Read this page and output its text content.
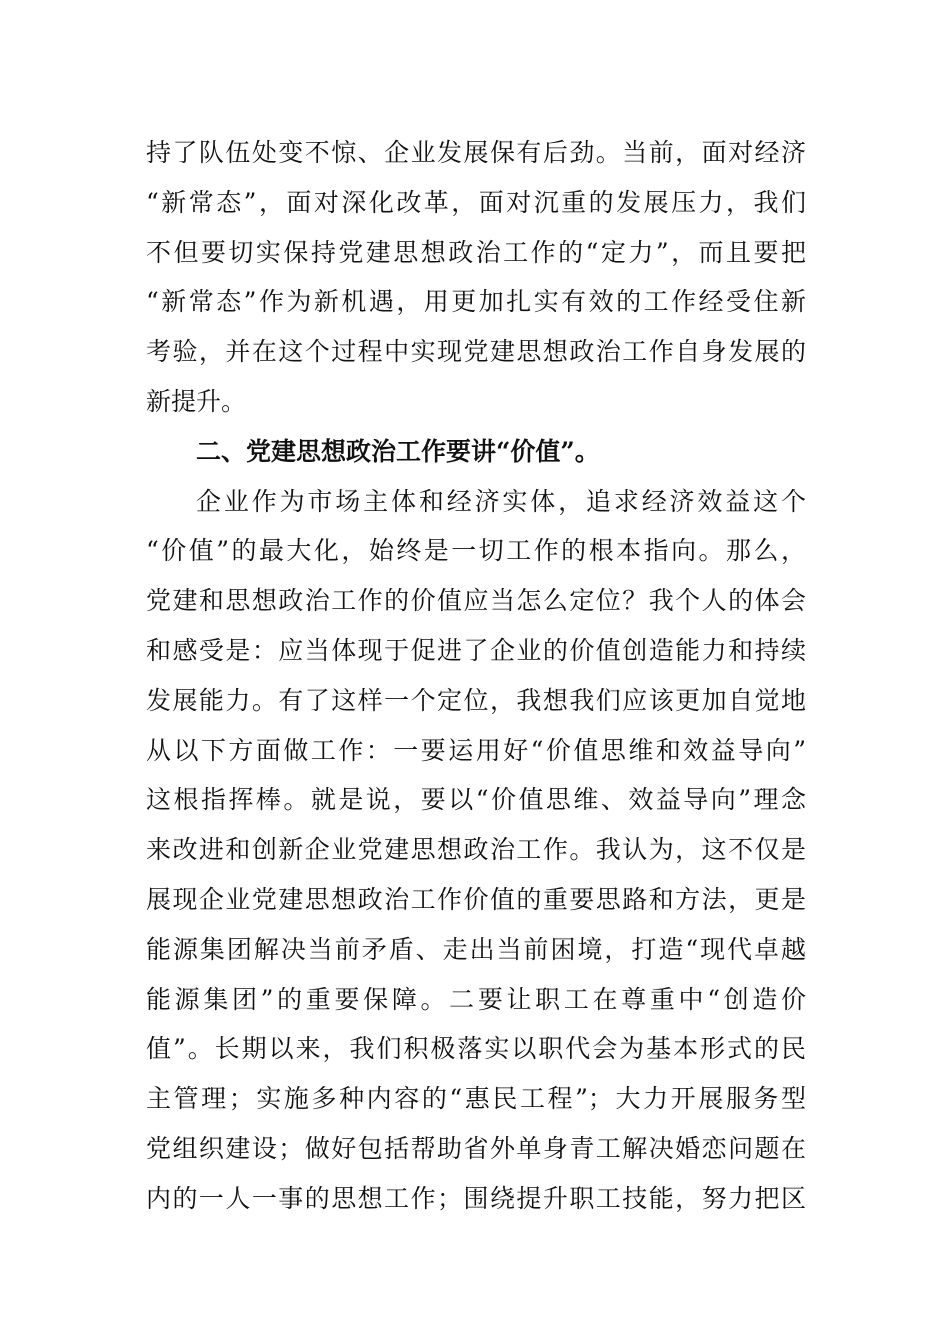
持了队伍处变不惊、企业发展保有后劲。当前，面对经济
“新常态”，面对深化改革，面对沉重的发展压力，我们
不但要切实保持党建思想政治工作的“定力”，而且要把
“新常态”作为新机遇，用更加扎实有效的工作经受住新
考验，并在这个过程中实现党建思想政治工作自身发展的
新提升。
二、党建思想政治工作要讲“价值”。
企业作为市场主体和经济实体，追求经济效益这个
“价值”的最大化，始终是一切工作的根本指向。那么，
党建和思想政治工作的价值应当怎么定位？我个人的体会
和感受是：应当体现于促进了企业的价值创造能力和持续
发展能力。有了这样一个定位，我想我们应该更加自觉地
从以下方面做工作：一要运用好“价值思维和效益导向”
这根指挥棒。就是说，要以“价值思维、效益导向”理念
来改进和创新企业党建思想政治工作。我认为，这不仅是
展现企业党建思想政治工作价值的重要思路和方法，更是
能源集团解决当前矛盾、走出当前困境，打造“现代卓越
能源集团”的重要保障。二要让职工在尊重中“创造价
值”。长期以来，我们积极落实以职代会为基本形式的民
主管理；实施多种内容的“惠民工程”；大力开展服务型
党组织建设；做好包括帮助省外单身青工解决婚恋问题在
内的一人一事的思想工作；围绕提升职工技能，努力把区
